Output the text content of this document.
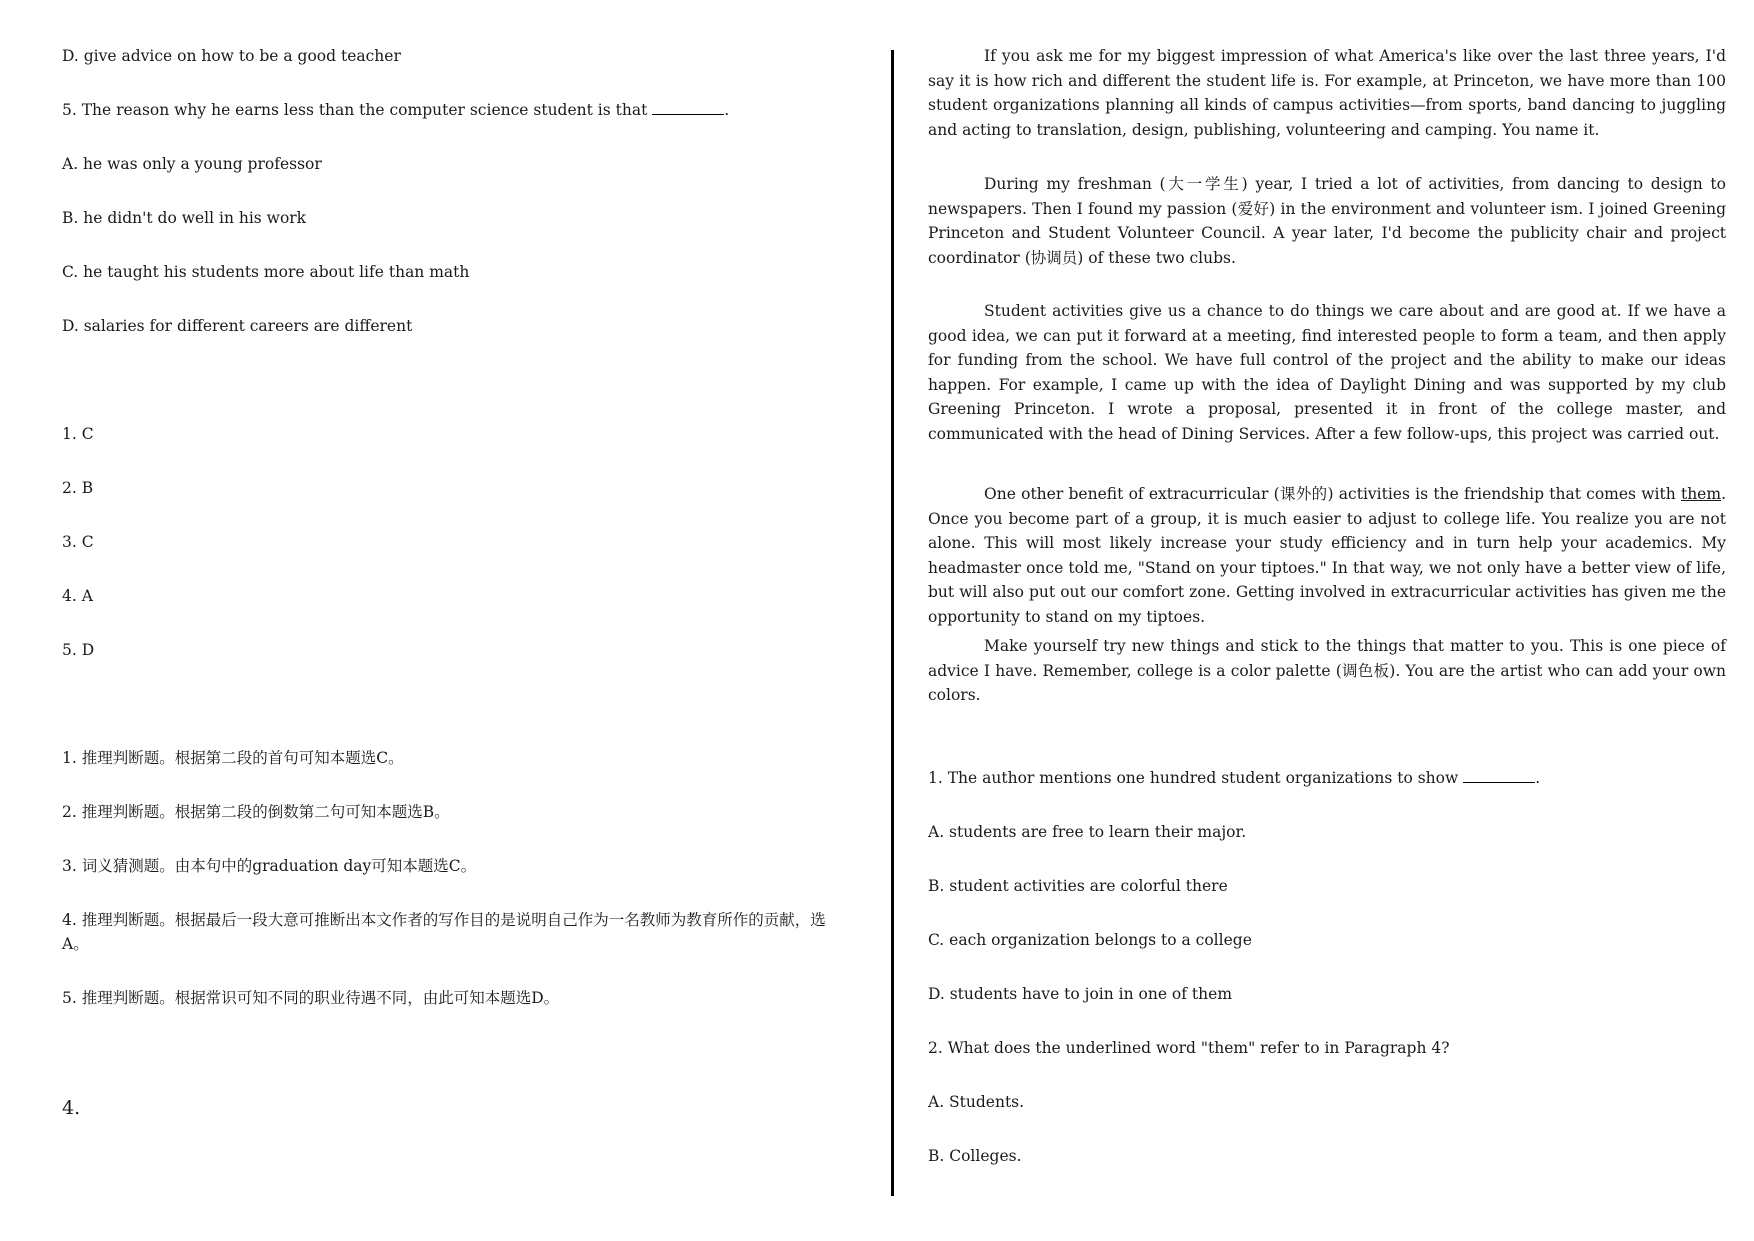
D. give advice on how to be a good teacher

5. The reason why he earns less than the computer science student is that	.

A. he was only a young professor

B. he didn't do well in his work

C. he taught his students more about life than math

D. salaries for different careers are different

1. C

2. B

3. C

4. A

5. D

1. 推理判断题。根据第二段的首句可知本题选C。

2. 推理判断题。根据第二段的倒数第二句可知本题选B。

3. 词义猜测题。由本句中的graduation day可知本题选C。

4. 推理判断题。根据最后一段大意可推断出本文作者的写作目的是说明自己作为一名教师为教育所作的贡献，选A。

5. 推理判断题。根据常识可知不同的职业待遇不同，由此可知本题选D。

4.

If you ask me for my biggest impression of what America's like over the last three years, I'd say it is how rich and different the student life is. For example, at Princeton, we have more than 100 student organizations planning all kinds of campus activities—from sports, band dancing to juggling and acting to translation, design, publishing, volunteering and camping. You name it.

During my freshman (大一学生) year, I tried a lot of activities, from dancing to design to newspapers. Then I found my passion (爱好) in the environment and volunteer ism. I joined Greening Princeton and Student Volunteer Council. A year later, I'd become the publicity chair and project coordinator (协调员) of these two clubs.

Student activities give us a chance to do things we care about and are good at. If we have a good idea, we can put it forward at a meeting, find interested people to form a team, and then apply for funding from the school. We have full control of the project and the ability to make our ideas happen. For example, I came up with the idea of Daylight Dining and was supported by my club Greening Princeton. I wrote a proposal, presented it in front of the college master, and communicated with the head of Dining Services. After a few follow-ups, this project was carried out.

One other benefit of extracurricular (课外的) activities is the friendship that comes with them. Once you become part of a group, it is much easier to adjust to college life. You realize you are not alone. This will most likely increase your study efficiency and in turn help your academics. My headmaster once told me, "Stand on your tiptoes." In that way, we not only have a better view of life, but will also put out our comfort zone. Getting involved in extracurricular activities has given me the opportunity to stand on my tiptoes.

Make yourself try new things and stick to the things that matter to you. This is one piece of advice I have. Remember, college is a color palette (调色板). You are the artist who can add your own colors.

1. The author mentions one hundred student organizations to show	.

A. students are free to learn their major.

B. student activities are colorful there

C. each organization belongs to a college

D. students have to join in one of them

2. What does the underlined word "them" refer to in Paragraph 4?

A. Students.

B. Colleges.
